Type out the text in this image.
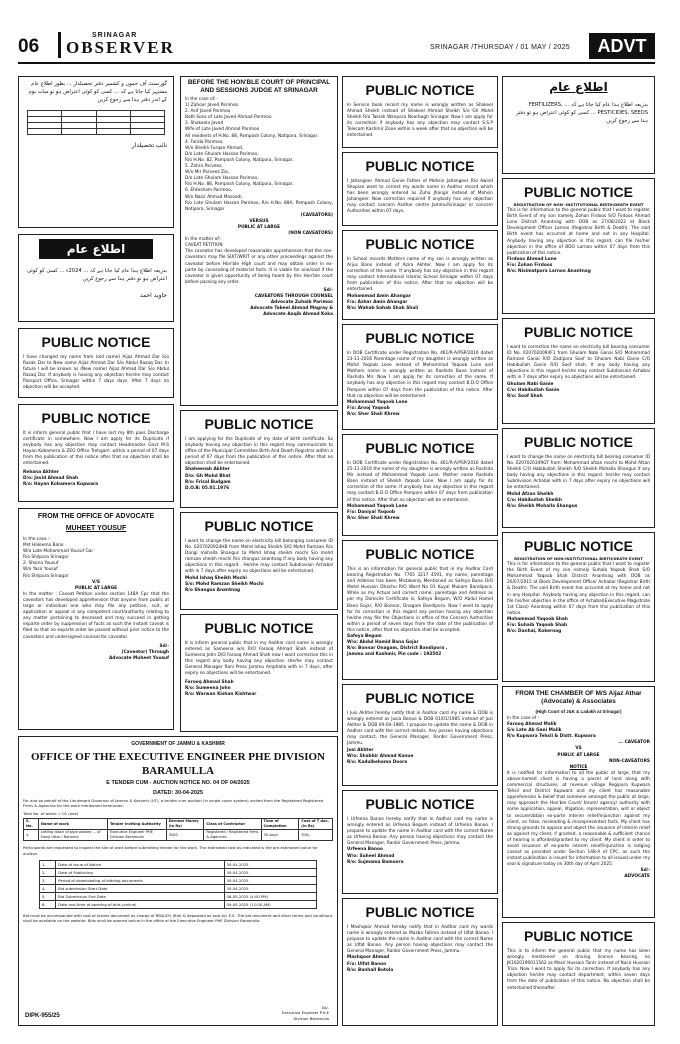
06
SRINAGAR
OBSERVER	SRINAGAR /THURSDAY / 01 MAY / 2025	ADVT
گورنمنٹ آف جموں و کشمیر دفتر تحصیلدار ... بطور اطلاع عام مشتہر کیا جاتا ہے کہ ... کسی کو کوئی اعتراض ہو تو سات یوم کے اندر دفتر ہذا سے رجوع کریں

نائب تحصیلدار
اطلاع عام
بذریعہ اطلاع ہذا عام کیا جاتا ہے کہ ... 2024ء ... کسی کو کوئی اعتراض ہو تو دفتر ہذا سے رجوع کریں
جاوید احمد
PUBLIC NOTICE
I have changed my name from (old name) Aijaz Ahmad Dar S/o Razak Dar to New name Aijaz Ahmad Dar S/o Abdul Razaq Dar. In future I will be known as (New name) Aijaz Ahmad Dar S/o Abdul Razaq Dar. If anybody is having any objection he/she may contact Passport Office, Srinagar within 7 days days. After 7 days no objection will be accepted.
PUBLIC NOTICE
It is inform general public that I have lost my 8th pass Discharge certificate in somewhere. Now I am apply for its Duplicate if anybody has any objection may contact Headmaster Govt M.S Hayan Kobamera & ZEO Office Trehgam. within a period of 07 days from the publication of this notice after that no objection shall be entertained.
Rehana Akhter
D/o: Javid Ahmad Shah
R/o: Hayan Kobamera Kupwara
FROM THE OFFICE OF ADVOCATE
MUHEET YOUSUF
In the case :-
Mst Haleema Bano
W/o Late Mohammad Yousuf Gar
R/o Shilpora Srinagar
2. Shaina Yousuf
W/o Yasir Yousuf
R/o Shilpora Srinagar
V/S
PUBLIC AT LARGE
In the matter : Caveat Petition under section 148A Cpc that the caveators has developed apprehension that anyone from public at large or individual one who may file any petition, suit, or application or appeal in any competent court/authority relating to any matter pertaining to deceased and may succeed in getting exparte order by suppression of facts as such the instant caveat is filed so that no exparte order be passed without prior notice to the caveators and undersigned counsel for caveator.
Sd/-
(Caveator) Through
Advocate Muheet Yousuf
BEFORE THE HON'BLE COURT OF PRINCIPAL AND SESSIONS JUDGE AT SRINAGAR
In the case of:-
1) Zahoor Javed Parimoo
2. Asif Javed Parimoo
Both Sons of Late Javed Ahmad Parimoo
3. Shakeela Javed
Wife of Late Javed Ahmad Parimoo
All residents of H.No. 88, Pamposh Colony, Natipora, Srinagar.
4. Farida Parimoo,
W/o Sheikh Furqan Ahmad,
D/o Late Ghulam Hassan Parimoo,
R/o H.No. 82, Pamposh Colony, Natipora, Srinagar.
5. Zahra Parveez,
W/o Mir Parveez Zia,
D/o Late Ghulam Hassan Parimoo,
R/o H.No. 88, Pamposh Colony, Natipora, Srinagar.
6. Ehtesham Parimoo,
W/o Nazir Ahmad Masoodi,
R/o Late Ghulam Hassan Parimoo, R/o H.No. 88A, Pampash Colony, Natipora, Srinagar
(CAVEATORS)
VERSUS
PUBLIC AT LARGE
(NON CAVEATORS)
In the matter of:-
CAVEAT PETITION
The caveator has developed reasonable apprehension that the non-caveators may file SUIT/WRIT or any other proceedings against the caveator before Hon'ble High court and may obtain order in ex-parte by concealing of material facts. It is viable for one/said if the caveator is given opportunity of being heard by this Hon'ble court before passing any order.
Sd/-
CAVEATORS THROUGH COUNSEL
Advocate Zuhaib Parimoo
Advocate Tabeel Ahmad Magray &
Advocate Aaqib Ahmad Koka
PUBLIC NOTICE
I am applying for the Duplicate of my date of birth certificate. So anybody having any objection in this regard may communicate to office of the Municipal Committee Birth And Death Registrar within a period of 07 days from the publication of this notice. After that no objection shall be entertained.
Shaheenah Akhter
D/o: Gh Mohd Bhat
R/o: Frisal Budgam
D.O.B: 05.01.1976
PUBLIC NOTICE
I want to change the name on electricity bill belonging consumer ID No. 0207020924HB from Mohd Ishaq Sheikh S/O Mohd Ramzan R/o Dangi mohalla Shangus to Mohd Ishaq sheikh mochi S/o mohd ramzan sheikh mochi R/o shangus anantnag if any body having any objections in this regard . He/she may contact Subdivision Achabal with in 7 days.after expiry no objections will be entertained.
Mohd Ishaq Sheikh Mochi
S/o: Mohd Ramzan Sheikh Mochi
R/o Shangus Anantnag
PUBLIC NOTICE
It is inform general public that in my Aadhar card name is wrongly entered as Sameena w/o R/O Farooq Ahmad Shah instead of Sumeena John D/O Farooq Ahmad Shah now I want correction this in this regard any body having any objection she/he may contact General Manager Rani Press Jammu Amphalla with in 7 days, after expiry no objections will be entertained.
Farooq Ahmad Shah
R/o: Sumeena John
R/o: Warwan Kishan Kishtwar
GOVERNMENT OF JAMMU & KASHMIR
OFFICE OF THE EXECUTIVE ENGINEER PHE DIVISION BARAMULLA
E TENDER CUM - AUCTION NOTICE NO. 04 OF 04/2025
DATED: 30-04-2025
For and on behalf of the Lieutenant Governor of Jammu & Kashmir (UT), e-tender cum auction (in single cover system) invited from the Registered Registered Firms & Agencies for the work mentioned hereunder:
Total No. of works = 01 (one)
S. No.	Name of work	Tender inviting Authority	Earnest Money (In Rs)	Class of Contractor	Time of Completion	Cost of T doc. (in Rs)
1.	Letting down of pipe wastes ... of Hanji Uttar / Rohama	Executive Engineer PHE Division Baramulla	3500	Registered / Registered firms & Agencies	30 days	300/-
Participants are requested to inspect the site of work before submitting tender for the work. The estimated cost as indicated is the pre-estimated value for auction.
1.	Date of issue of Notice	30-04-2025
2.	Date of Publishing	30-04-2025
3.	Period of downloading of bidding documents	30-04-2025
4.	Bid submission Start Date	30-04-2025
5.	Bid Submission End Date	08-05-2025 (4:00 PM)
6.	Date and time of opening of bids (online)	09-05-2025 (11:00 AM)
Bid must be accompanied with cost of tender document as charge of RBI/LKY/ (Bid) & deposited as said A/c E.E. The bid document and other terms and conditions shall be available on the website. Bids shall be opened online in the office of the Executive Engineer PHE Division Baramulla.
DIPK-955/25
Sd/-
Executive Engineer P.H.E
Division Baramulla
PUBLIC NOTICE
In Service book record my name is wrongly written as Shakeel Ahmad Sheikh instead of Shakeel Ahmad Sheikh S/o Gh Mohd Sheikh R/o Takiah Wanpora Noorbagh Srinagar. Now I am apply for its correction if anybody has any objection may contact S.S.P Telecom Kashmir Zone within a week after that no objection will be entertained.
PUBLIC NOTICE
I Jahangeer Ahmad Ganie Father of Mohsin Jahangeer R/o Awind Shopian want to correct my wards name in Aadhar record which has been wrongly entered as Zuha Jhangir instead of Mohsin Jahangeer. Now correction required if anybody has any objection may contact concern Aadhar centre Jammu/Srinagar or concern Authorities within 07 days.
PUBLIC NOTICE
In School records Mothers name of my son is wrongly written as Arjus Bano instead of Azira Akhter. Now I am apply for its correction of the same. If anybody has any objection in this regard may contact International Islamic School Srinagar within 07 days from publication of this notice. After that no objection will be entertained.
Mohammad Amin Ahangar
F/o: Azhar Amin Ahangar
R/o: Wahab Sahab Shah Shali
PUBLIC NOTICE
In DOB Certificate under Registration No. 461/R-A/PSP/2016 dated 23-11-2016 Parentage name of my daughter is wrongly written as Mohd Yaqoob Lone instead of Mohammad Yaqoob Lone and Mothers name is wrongly written as Rashida Bano instead of Rashida Mir. Now I am apply for its correction of the same. If anybody has any objection in this regard may contact B.D.O Office Pampore within 07 days from the publication of this notice. After that no objection will be entertained.
Mohammad Yaqoob Lone
F/o: Arooj Yaqoob
R/o: Sher Shali Khrew
PUBLIC NOTICE
In DOB Certificate under Registration No. 461/R-A/PSP/2016 dated 25-11-2016 the name of my daughter is wrongly written as Rashida Mir instead of Mohammad Yaqoob Lone. Mother name Rashida Bano instead of Sheikh Yaqoob Lone. Now I am apply for its correction of the same. If anybody has any objection in this regard may contact B.D.O Office Pampore within 07 days from publication of this notice. After that no objection will be entertained.
Mohammad Yaqoob Lone
F/o: Daniyal Yaqoob
R/o: Sher Shali Khrew
PUBLIC NOTICE
This is an information for general public that in my Aadhar Card bearing Registration No. 7765 3217 4591, my name, parentage and Address has been Mistakenly Mentioned as Safeya Bano D/O Mohd Hussain Dhachu R/O Ward No 01 Kuyal Mukam Bandipora. While as my Actual and correct name, parentage and Address as per my Domicile Certificate is, Safeya Begum, W/O Abdul Hamid Bana Gojar, R/O Bonnar, Onagam Bandipora. Now I want to apply for its correction in this regard any person having any objection he/she may file the Objections in office of the Concern Authorities within a period of seven days from the date of the publication of this notice, after that no objection shall be accepted.
Safeya Begum
W/o: Abdul Hamid Bana Gojar
R/o: Bonnar Onagam, District Bandipora ,
Jammu and Kashmir, Pin code : 193502
PUBLIC NOTICE
I Jusi Akhter hereby notify that in Aadhar card my name & DOB is wrongly entered as Jusia Banoo & DOB 01/01/1985 instead of Jusi Akhter & DOB 09-04-1985. I propose to update the name & DOB in Aadhar card with the correct details. Any person having objections may contact, the General Manager, Ranbir Government Press, Jammu.
Jusi Akhter
W/o: Shabbir Ahmad Kanue
R/o: Kadulbehama Doora
PUBLIC NOTICE
I Urfeena Banoo hereby notify that in Aadhar card my name is wrongly entered as Urfeena Begum instead of Urfeena Banoo. I propose to update the name in Aadhar card with the correct Name as Urfeena Banoo. Any person having objections may contact the General Manager, Ranbir Government Press, Jammu.
Urfeena Banoo
W/o: Suheel Ahmad
R/o: Sujmama Bamoora
PUBLIC NOTICE
I Mashqoor Ahmad hereby notify that in Aadhar card my wards name is wrongly entered as Muzba Fatima instead of Ulfat Banoo. I propose to update the name in Aadhar card with the correct Name as Ulfat Banoo. Any person having objections may contact the General Manager, Ranbir Government Press, Jammu.
Mashqoor Ahmad
F/o: Ulfat Banoo
R/o: Banhall Botola
اطلاع عام
بذریعہ اطلاع ہذا عام کیا جاتا ہے کہ ... FERTILIZERS, PESTICIDES, SEEDS ... کسی کو کوئی اعتراض ہو تو دفتر ہذا سے رجوع کریں
PUBLIC NOTICE
REGISTRATION OF NON -INSTITUTIONAL BIRTH/DEATH EVENT
This is for information to the general public that I want to register Birth Event of my son namely Zohan Firdoos S/O Firdoos Ahmad Lone District Anantnag with DOB as 27/08/2022 at Block Development Officer Larnoo (Registrar Birth & Death). The said Birth event has occurred at home and not in any Hospital. Anybody having any objection in this regard, can file his/her objection in the office of BDO Larnoo within 07 days from this publication of this notice.
Firdoos Ahmad Lone
F/o: Zohan Firdoos
R/o: Nisimatpora Larnoo Anantnag
PUBLIC NOTICE
I want to correction the name on electricity bill bearing consumer ID No. 0207020094F1 from Ghulam Nabi Ganai S/O Mohammad Ramzan Ganai R/O Zadipora Soof to Ghulam Nabi Ganie C/O Habibullah Ganie R/O Soof shah. If any body having any objections in this regard he/she may contact Subdivision Achabal with in 7 days after expiry no objections will be entertained.
Ghulam Nabi Ganie
C/o: Habibullah Ganie
R/o: Soof Shah
PUBLIC NOTICE
I want to change the name on electricity bill bearing consumer ID No. 0207020349GT from: Mohammad afzan mochi to Mohd Afzan Sheikh C/O Habibullah Sheikh R/O Sheikh Mohalla Shangus if any body having any objections in this regard. he/she may contact Subdivision Achabal with in 7 days after expiry no objections will be entertained.
Mohd Afzan Sheikh
C/o: Habibullah Sheikh
R/o: Sheikh Mohalla Shangus
PUBLIC NOTICE
REGISTRATION OF NON-INSTITUTIONAL BIRTH/DEATH EVENT
This is for information to the general public that I want to register the Birth Event of my son namely Suhaib Yaqoob Shah S/O Mohammad Yaqoob Shah District Anantnag with DOB as 26/07/2015 at Block Development Officer Achabal (Registrar Birth & Death). The said Birth event has occurred at my home and not in any Hospital. Anybody having any objection in this regard, can file his/her objection in the office of Achabal(Executive Magistrate 1st Class) Anantnag within 07 days from this publication of this notice.
Mohammad Yaqoob Shah
F/o: Suhaib Yaqoob Shah
R/o: Danhal, Kokernag
FROM THE CHAMBER OF M/S Aijaz Athar (Advocate) & Associates
(High Court of J&K & Ladakh at Srinagar)
In the case of :
Farooq Ahmad Malik
S/o Late Ab Gani Malik
R/o Kupwara Tehsil & Distt. Kupwara
... CAVEATOR
VS
PUBLIC AT LARGE
NON-CAVEATORS
NOTICE
It is notified for information to all the public at large, that my above-named client is having a parcel of land along with commercial structures, at revenue village Regipora Kupwara Tehsil and District Kupwara and my client has reasonable apprehension & belief that someone amongst the public at large, may approach the Hon'ble Court/ forum/ agency/ authority with some application, appeal, litigation, representation, writ or object to secure/obtain ex-parte interim relief/injunction against my client, on false, misleading & misrepresented facts. My client has strong grounds to oppose and object the issuance of interim relief as against my client, if granted, a reasonable & sufficient chance of hearing is afforded/granted to my client. My client in order to avoid issuance of ex-parte interim relief/injunction is lodging caveat as provided under Section 148-A of CPC, as such the instant publication is issued for information to all issued under my seal & signature today on 30th day of April 2025.
Sd/-
ADVOCATE
PUBLIC NOTICE
This is to inform the general public that my name has been wrongly mentioned on driving licence bearing no JK1620190011562 as Masir Hussain Tantr instead of Nasir Hussain Trisa. Now I want to apply for its correction. If anybody has any objection he/she may contact department, within seven days from the date of publication of this notice. No objection shall be entertained thereafter.
